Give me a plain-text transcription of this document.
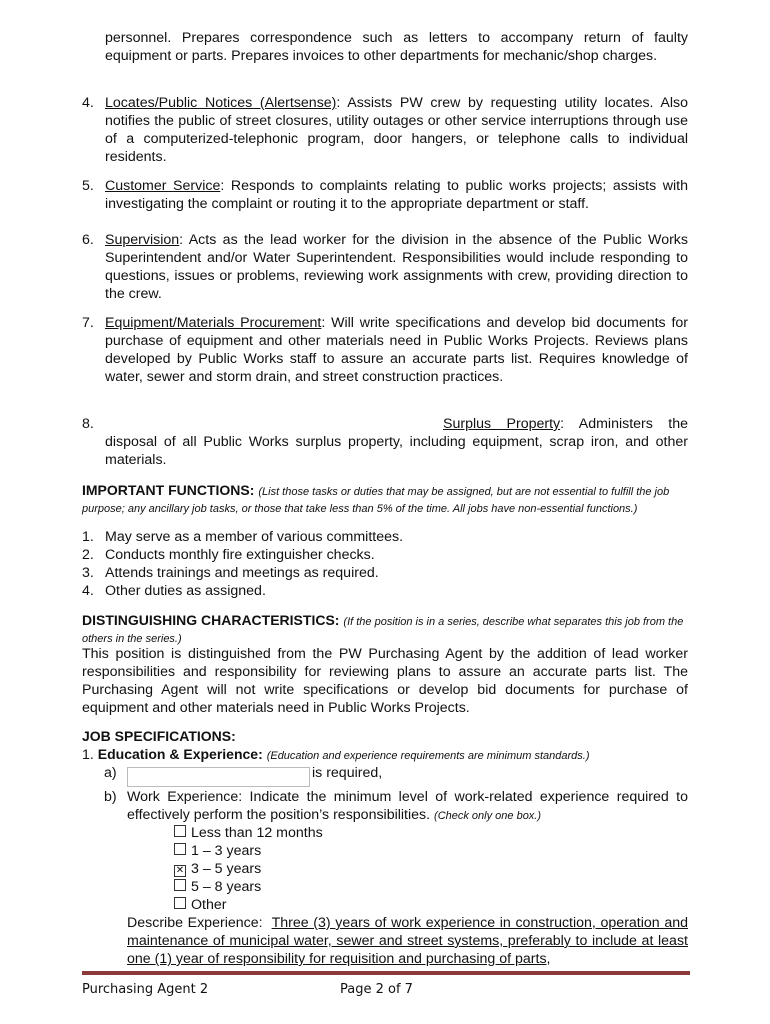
personnel. Prepares correspondence such as letters to accompany return of faulty equipment or parts. Prepares invoices to other departments for mechanic/shop charges.
4. Locates/Public Notices (Alertsense): Assists PW crew by requesting utility locates. Also notifies the public of street closures, utility outages or other service interruptions through use of a computerized-telephonic program, door hangers, or telephone calls to individual residents.
5. Customer Service: Responds to complaints relating to public works projects; assists with investigating the complaint or routing it to the appropriate department or staff.
6. Supervision: Acts as the lead worker for the division in the absence of the Public Works Superintendent and/or Water Superintendent. Responsibilities would include responding to questions, issues or problems, reviewing work assignments with crew, providing direction to the crew.
7. Equipment/Materials Procurement: Will write specifications and develop bid documents for purchase of equipment and other materials need in Public Works Projects. Reviews plans developed by Public Works staff to assure an accurate parts list. Requires knowledge of water, sewer and storm drain, and street construction practices.
8.	Surplus Property: Administers the disposal of all Public Works surplus property, including equipment, scrap iron, and other materials.
IMPORTANT FUNCTIONS: (List those tasks or duties that may be assigned, but are not essential to fulfill the job purpose; any ancillary job tasks, or those that take less than 5% of the time. All jobs have non-essential functions.)
1. May serve as a member of various committees.
2. Conducts monthly fire extinguisher checks.
3. Attends trainings and meetings as required.
4. Other duties as assigned.
DISTINGUISHING CHARACTERISTICS: (If the position is in a series, describe what separates this job from the others in the series.)
This position is distinguished from the PW Purchasing Agent by the addition of lead worker responsibilities and responsibility for reviewing plans to assure an accurate parts list. The Purchasing Agent will not write specifications or develop bid documents for purchase of equipment and other materials need in Public Works Projects.
JOB SPECIFICATIONS:
1. Education & Experience: (Education and experience requirements are minimum standards.)
a)	is required,
b) Work Experience: Indicate the minimum level of work-related experience required to effectively perform the position’s responsibilities. (Check only one box.)
Less than 12 months
1 – 3 years
✕ 3 – 5 years
5 – 8 years
Other
Describe Experience: Three (3) years of work experience in construction, operation and maintenance of municipal water, sewer and street systems, preferably to include at least one (1) year of responsibility for requisition and purchasing of parts,
Purchasing Agent 2	Page 2 of 7
